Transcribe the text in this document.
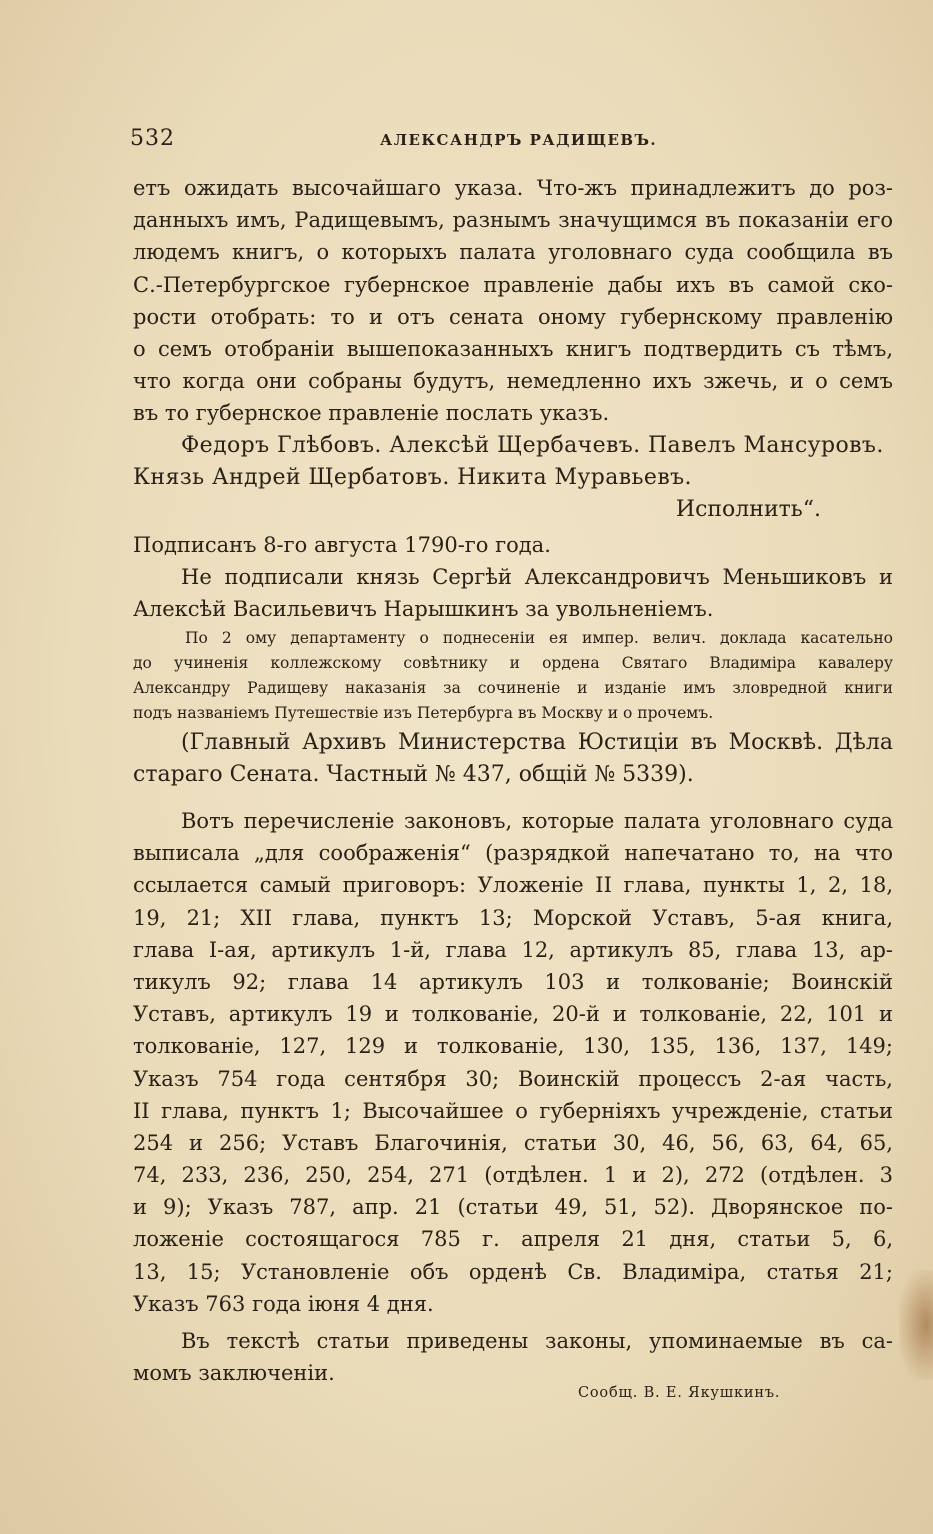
532	АЛЕКСАНДРЪ РАДИЩЕВЪ.
етъ ожидать высочайшаго указа. Что-жъ принадлежитъ до роз-
данныхъ имъ, Радищевымъ, разнымъ значущимся въ показаніи его
людемъ книгъ, о которыхъ палата уголовнаго суда сообщила въ
С.-Петербургское губернское правленіе дабы ихъ въ самой ско-
рости отобрать: то и отъ сената оному губернскому правленію
о семъ отобраніи вышепоказанныхъ книгъ подтвердить съ тѣмъ,
что когда они собраны будутъ, немедленно ихъ зжечь, и о семъ
въ то губернское правленіе послать указъ.
Федоръ Глѣбовъ. Алексѣй Щербачевъ. Павелъ Мансуровъ.
Князь Андрей Щербатовъ. Никита Муравьевъ.
Исполнить“.
Подписанъ 8-го августа 1790-го года.
Не подписали князь Сергѣй Александровичъ Меньшиковъ и
Алексѣй Васильевичъ Нарышкинъ за увольненіемъ.
По 2 ому департаменту о поднесеніи ея импер. велич. доклада касательно
до учиненія коллежскому совѣтнику и ордена Святаго Владиміра кавалеру
Александру Радищеву наказанія за сочиненіе и изданіе имъ зловредной книги
подъ названіемъ Путешествіе изъ Петербурга въ Москву и о прочемъ.
(Главный Архивъ Министерства Юстиціи въ Москвѣ. Дѣла
стараго Сената. Частный № 437, общій № 5339).
Вотъ перечисленіе законовъ, которые палата уголовнаго суда
выписала „для соображенія“ (разрядкой напечатано то, на что
ссылается самый приговоръ: Уложеніе II глава, пункты 1, 2, 18,
19, 21; XII глава, пунктъ 13; Морской Уставъ, 5-ая книга,
глава I-ая, артикулъ 1-й, глава 12, артикулъ 85, глава 13, ар-
тикулъ 92; глава 14 артикулъ 103 и толкованіе; Воинскій
Уставъ, артикулъ 19 и толкованіе, 20-й и толкованіе, 22, 101 и
толкованіе, 127, 129 и толкованіе, 130, 135, 136, 137, 149;
Указъ 754 года сентября 30; Воинскій процессъ 2-ая часть,
II глава, пунктъ 1; Высочайшее о губерніяхъ учрежденіе, статьи
254 и 256; Уставъ Благочинія, статьи 30, 46, 56, 63, 64, 65,
74, 233, 236, 250, 254, 271 (отдѣлен. 1 и 2), 272 (отдѣлен. 3
и 9); Указъ 787, апр. 21 (статьи 49, 51, 52). Дворянское по-
ложеніе состоящагося 785 г. апреля 21 дня, статьи 5, 6,
13, 15; Установленіе объ орденѣ Св. Владиміра, статья 21;
Указъ 763 года іюня 4 дня.
Въ текстѣ статьи приведены законы, упоминаемые въ са-
момъ заключеніи.
Сообщ. В. Е. Якушкинъ.
